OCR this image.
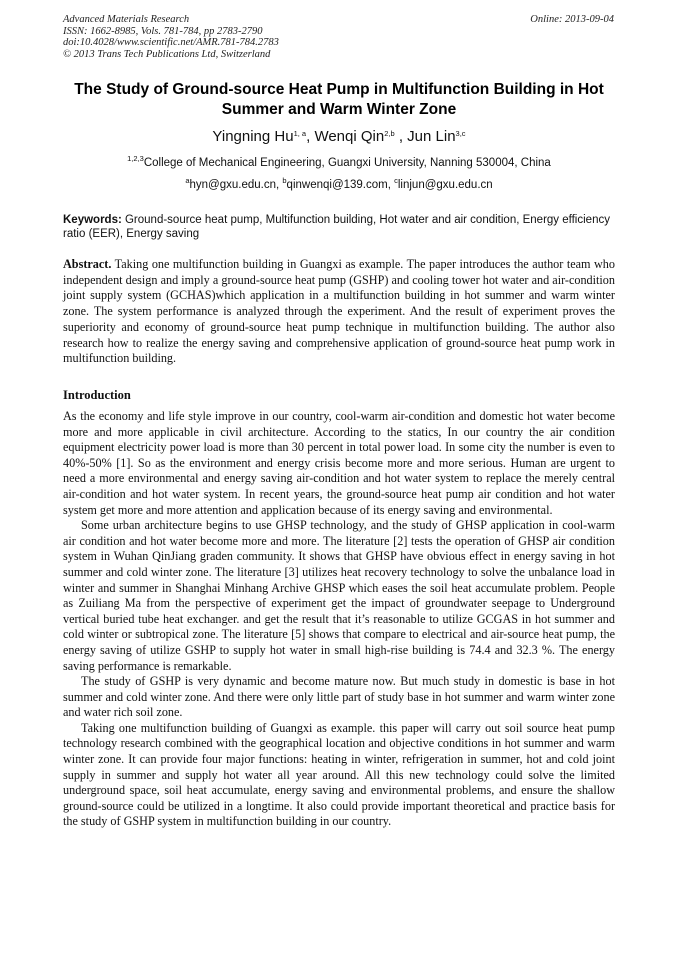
Advanced Materials Research
ISSN: 1662-8985, Vols. 781-784, pp 2783-2790
doi:10.4028/www.scientific.net/AMR.781-784.2783
© 2013 Trans Tech Publications Ltd, Switzerland
Online: 2013-09-04
The Study of Ground-source Heat Pump in Multifunction Building in Hot Summer and Warm Winter Zone
Yingning Hu$^{1, a}$, Wenqi Qin$^{2,b}$ , Jun Lin$^{3,c}$
$^{1,2,3}$College of Mechanical Engineering, Guangxi University, Nanning 530004, China
$^a$hyn@gxu.edu.cn, $^b$qinwenqi@139.com, $^c$linjun@gxu.edu.cn
Keywords: Ground-source heat pump, Multifunction building, Hot water and air condition, Energy efficiency ratio (EER), Energy saving
Abstract. Taking one multifunction building in Guangxi as example. The paper introduces the author team who independent design and imply a ground-source heat pump (GSHP) and cooling tower hot water and air-condition joint supply system (GCHAS)which application in a multifunction building in hot summer and warm winter zone. The system performance is analyzed through the experiment. And the result of experiment proves the superiority and economy of ground-source heat pump technique in multifunction building. The author also research how to realize the energy saving and comprehensive application of ground-source heat pump work in multifunction building.
Introduction

As the economy and life style improve in our country, cool-warm air-condition and domestic hot water become more and more applicable in civil architecture. According to the statics, In our country the air condition equipment electricity power load is more than 30 percent in total power load. In some city the number is even to 40%-50% [1]. So as the environment and energy crisis become more and more serious. Human are urgent to need a more environmental and energy saving air-condition and hot water system to replace the merely central air-condition and hot water system. In recent years, the ground-source heat pump air condition and hot water system get more and more attention and application because of its energy saving and environmental.

Some urban architecture begins to use GHSP technology, and the study of GHSP application in cool-warm air condition and hot water become more and more. The literature [2] tests the operation of GHSP air condition system in Wuhan QinJiang graden community. It shows that GHSP have obvious effect in energy saving in hot summer and cold winter zone. The literature [3] utilizes heat recovery technology to solve the unbalance load in winter and summer in Shanghai Minhang Archive GHSP which eases the soil heat accumulate problem. People as Zuiliang Ma from the perspective of experiment get the impact of groundwater seepage to Underground vertical buried tube heat exchanger. and get the result that it’s reasonable to utilize GCGAS in hot summer and cold winter or subtropical zone. The literature [5] shows that compare to electrical and air-source heat pump, the energy saving of utilize GSHP to supply hot water in small high-rise building is 74.4 and 32.3 %. The energy saving performance is remarkable.

The study of GSHP is very dynamic and become mature now. But much study in domestic is base in hot summer and cold winter zone. And there were only little part of study base in hot summer and warm winter zone and water rich soil zone.

Taking one multifunction building of Guangxi as example. this paper will carry out soil source heat pump technology research combined with the geographical location and objective conditions in hot summer and warm winter zone. It can provide four major functions: heating in winter, refrigeration in summer, hot and cold joint supply in summer and supply hot water all year around. All this new technology could solve the limited underground space, soil heat accumulate, energy saving and environmental problems, and ensure the shallow ground-source could be utilized in a longtime. It also could provide important theoretical and practice basis for the study of GSHP system in multifunction building in our country.
